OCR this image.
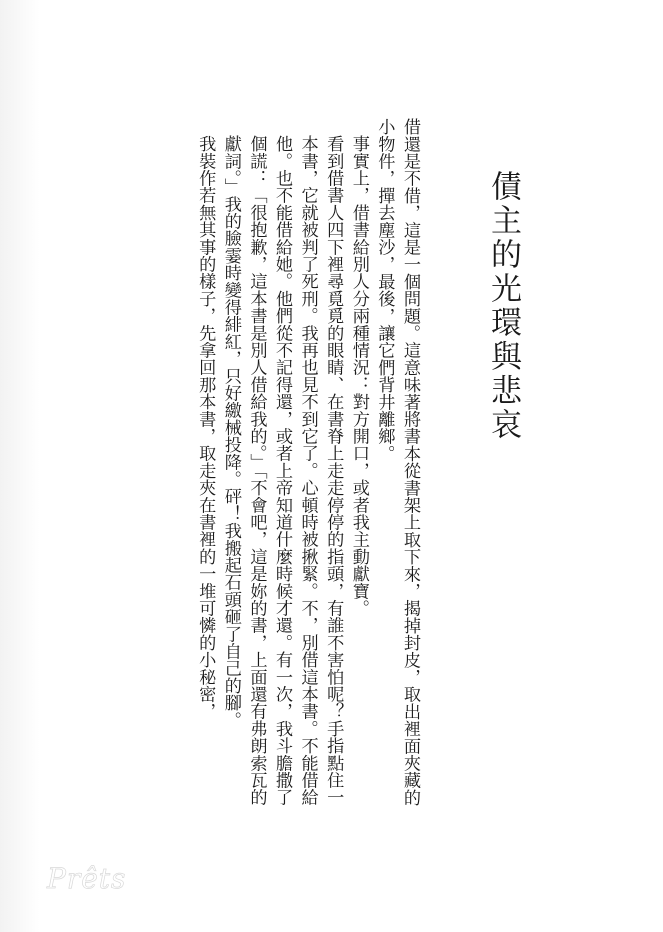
債主的光環與悲哀

借還是不借，這是一個問題。這意味著將書本從書架上取下來，揭掉封皮，取出裡面夾藏的小物件，撣去塵沙，最後，讓它們背井離鄉。

事實上，借書給別人分兩種情況：對方開口，或者我主動獻寶。

看到借書人四下裡尋覓覓的眼睛、在書脊上走走停停的指頭，有誰不害怕呢？手指點住一本書，它就被判了死刑。我再也見不到它了。心頓時被揪緊。不，別借這本書。不能借給他。也不能借給她。他們從不記得還，或者上帝知道什麼時候才還。有一次，我斗膽撒了個謊：「很抱歉，這本書是別人借給我的。」「不會吧，這是妳的書，上面還有弗朗索瓦的獻詞。」我的臉霎時變得緋紅，只好繳械投降。砰！我搬起石頭砸了自己的腳。

我裝作若無其事的樣子，先拿回那本書，取走夾在書裡的一堆可憐的小秘密，

Prêts
